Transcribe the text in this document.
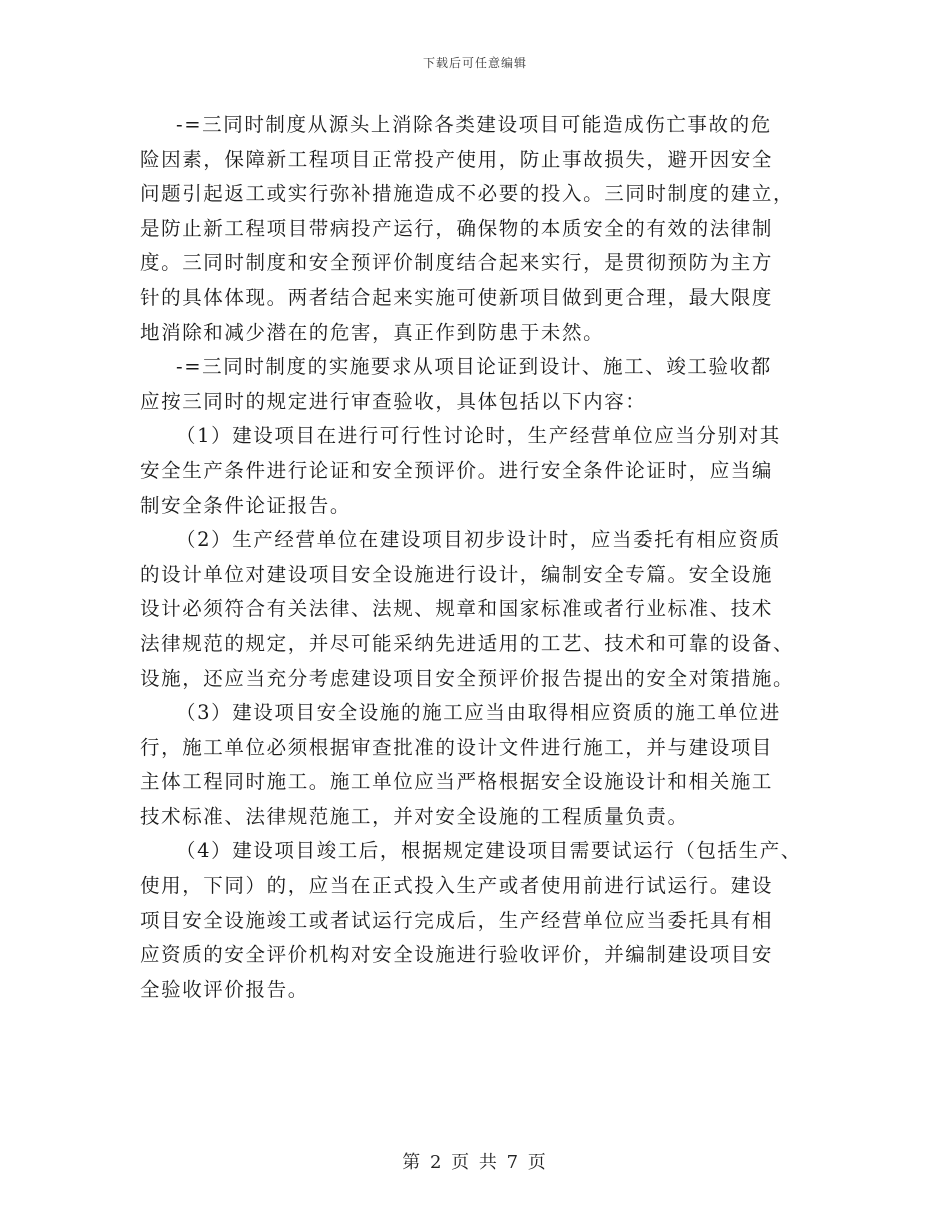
下载后可任意编辑
-=三同时制度从源头上消除各类建设项目可能造成伤亡事故的危
险因素，保障新工程项目正常投产使用，防止事故损失，避开因安全
问题引起返工或实行弥补措施造成不必要的投入。三同时制度的建立，
是防止新工程项目带病投产运行，确保物的本质安全的有效的法律制
度。三同时制度和安全预评价制度结合起来实行，是贯彻预防为主方
针的具体体现。两者结合起来实施可使新项目做到更合理，最大限度
地消除和减少潜在的危害，真正作到防患于未然。
-=三同时制度的实施要求从项目论证到设计、施工、竣工验收都
应按三同时的规定进行审查验收，具体包括以下内容：
（1）建设项目在进行可行性讨论时，生产经营单位应当分别对其
安全生产条件进行论证和安全预评价。进行安全条件论证时，应当编
制安全条件论证报告。
（2）生产经营单位在建设项目初步设计时，应当委托有相应资质
的设计单位对建设项目安全设施进行设计，编制安全专篇。安全设施
设计必须符合有关法律、法规、规章和国家标准或者行业标准、技术
法律规范的规定，并尽可能采纳先进适用的工艺、技术和可靠的设备、
设施，还应当充分考虑建设项目安全预评价报告提出的安全对策措施。
（3）建设项目安全设施的施工应当由取得相应资质的施工单位进
行，施工单位必须根据审查批准的设计文件进行施工，并与建设项目
主体工程同时施工。施工单位应当严格根据安全设施设计和相关施工
技术标准、法律规范施工，并对安全设施的工程质量负责。
（4）建设项目竣工后，根据规定建设项目需要试运行（包括生产、
使用，下同）的，应当在正式投入生产或者使用前进行试运行。建设
项目安全设施竣工或者试运行完成后，生产经营单位应当委托具有相
应资质的安全评价机构对安全设施进行验收评价，并编制建设项目安
全验收评价报告。
第 2 页 共 7 页
